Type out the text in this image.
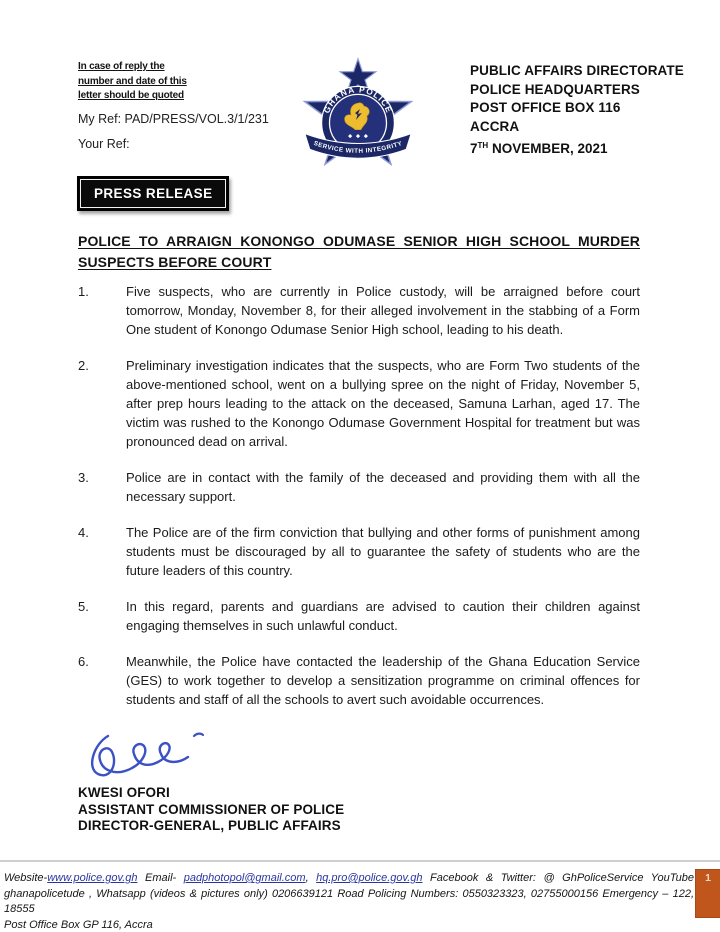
In case of reply the
number and date of this
letter should be quoted
My Ref: PAD/PRESS/VOL.3/1/231
Your Ref:
GHANA POLICE
SERVICE WITH INTEGRITY
PUBLIC AFFAIRS DIRECTORATE
POLICE HEADQUARTERS
POST OFFICE BOX 116
ACCRA
7TH NOVEMBER, 2021
PRESS RELEASE
POLICE TO ARRAIGN KONONGO ODUMASE SENIOR HIGH SCHOOL MURDER
SUSPECTS BEFORE COURT
1.	Five suspects, who are currently in Police custody, will be arraigned before court tomorrow, Monday, November 8, for their alleged involvement in the stabbing of a Form One student of Konongo Odumase Senior High school, leading to his death.
2.	Preliminary investigation indicates that the suspects, who are Form Two students of the above-mentioned school, went on a bullying spree on the night of Friday, November 5, after prep hours leading to the attack on the deceased, Samuna Larhan, aged 17. The victim was rushed to the Konongo Odumase Government Hospital for treatment but was pronounced dead on arrival.
3.	Police are in contact with the family of the deceased and providing them with all the necessary support.
4.	The Police are of the firm conviction that bullying and other forms of punishment among students must be discouraged by all to guarantee the safety of students who are the future leaders of this country.
5.	In this regard, parents and guardians are advised to caution their children against engaging themselves in such unlawful conduct.
6.	Meanwhile, the Police have contacted the leadership of the Ghana Education Service (GES) to work together to develop a sensitization programme on criminal offences for students and staff of all the schools to avert such avoidable occurrences.
KWESI OFORI
ASSISTANT COMMISSIONER OF POLICE
DIRECTOR-GENERAL, PUBLIC AFFAIRS
Website-www.police.gov.gh Email- padphotopol@gmail.com, hq.pro@police.gov.gh Facebook & Twitter: @ GhPoliceService YouTube
ghanapolicetude , Whatsapp (videos & pictures only) 0206639121 Road Policing Numbers: 0550323323, 02755000156 Emergency – 122, 18555
Post Office Box GP 116, Accra
1
